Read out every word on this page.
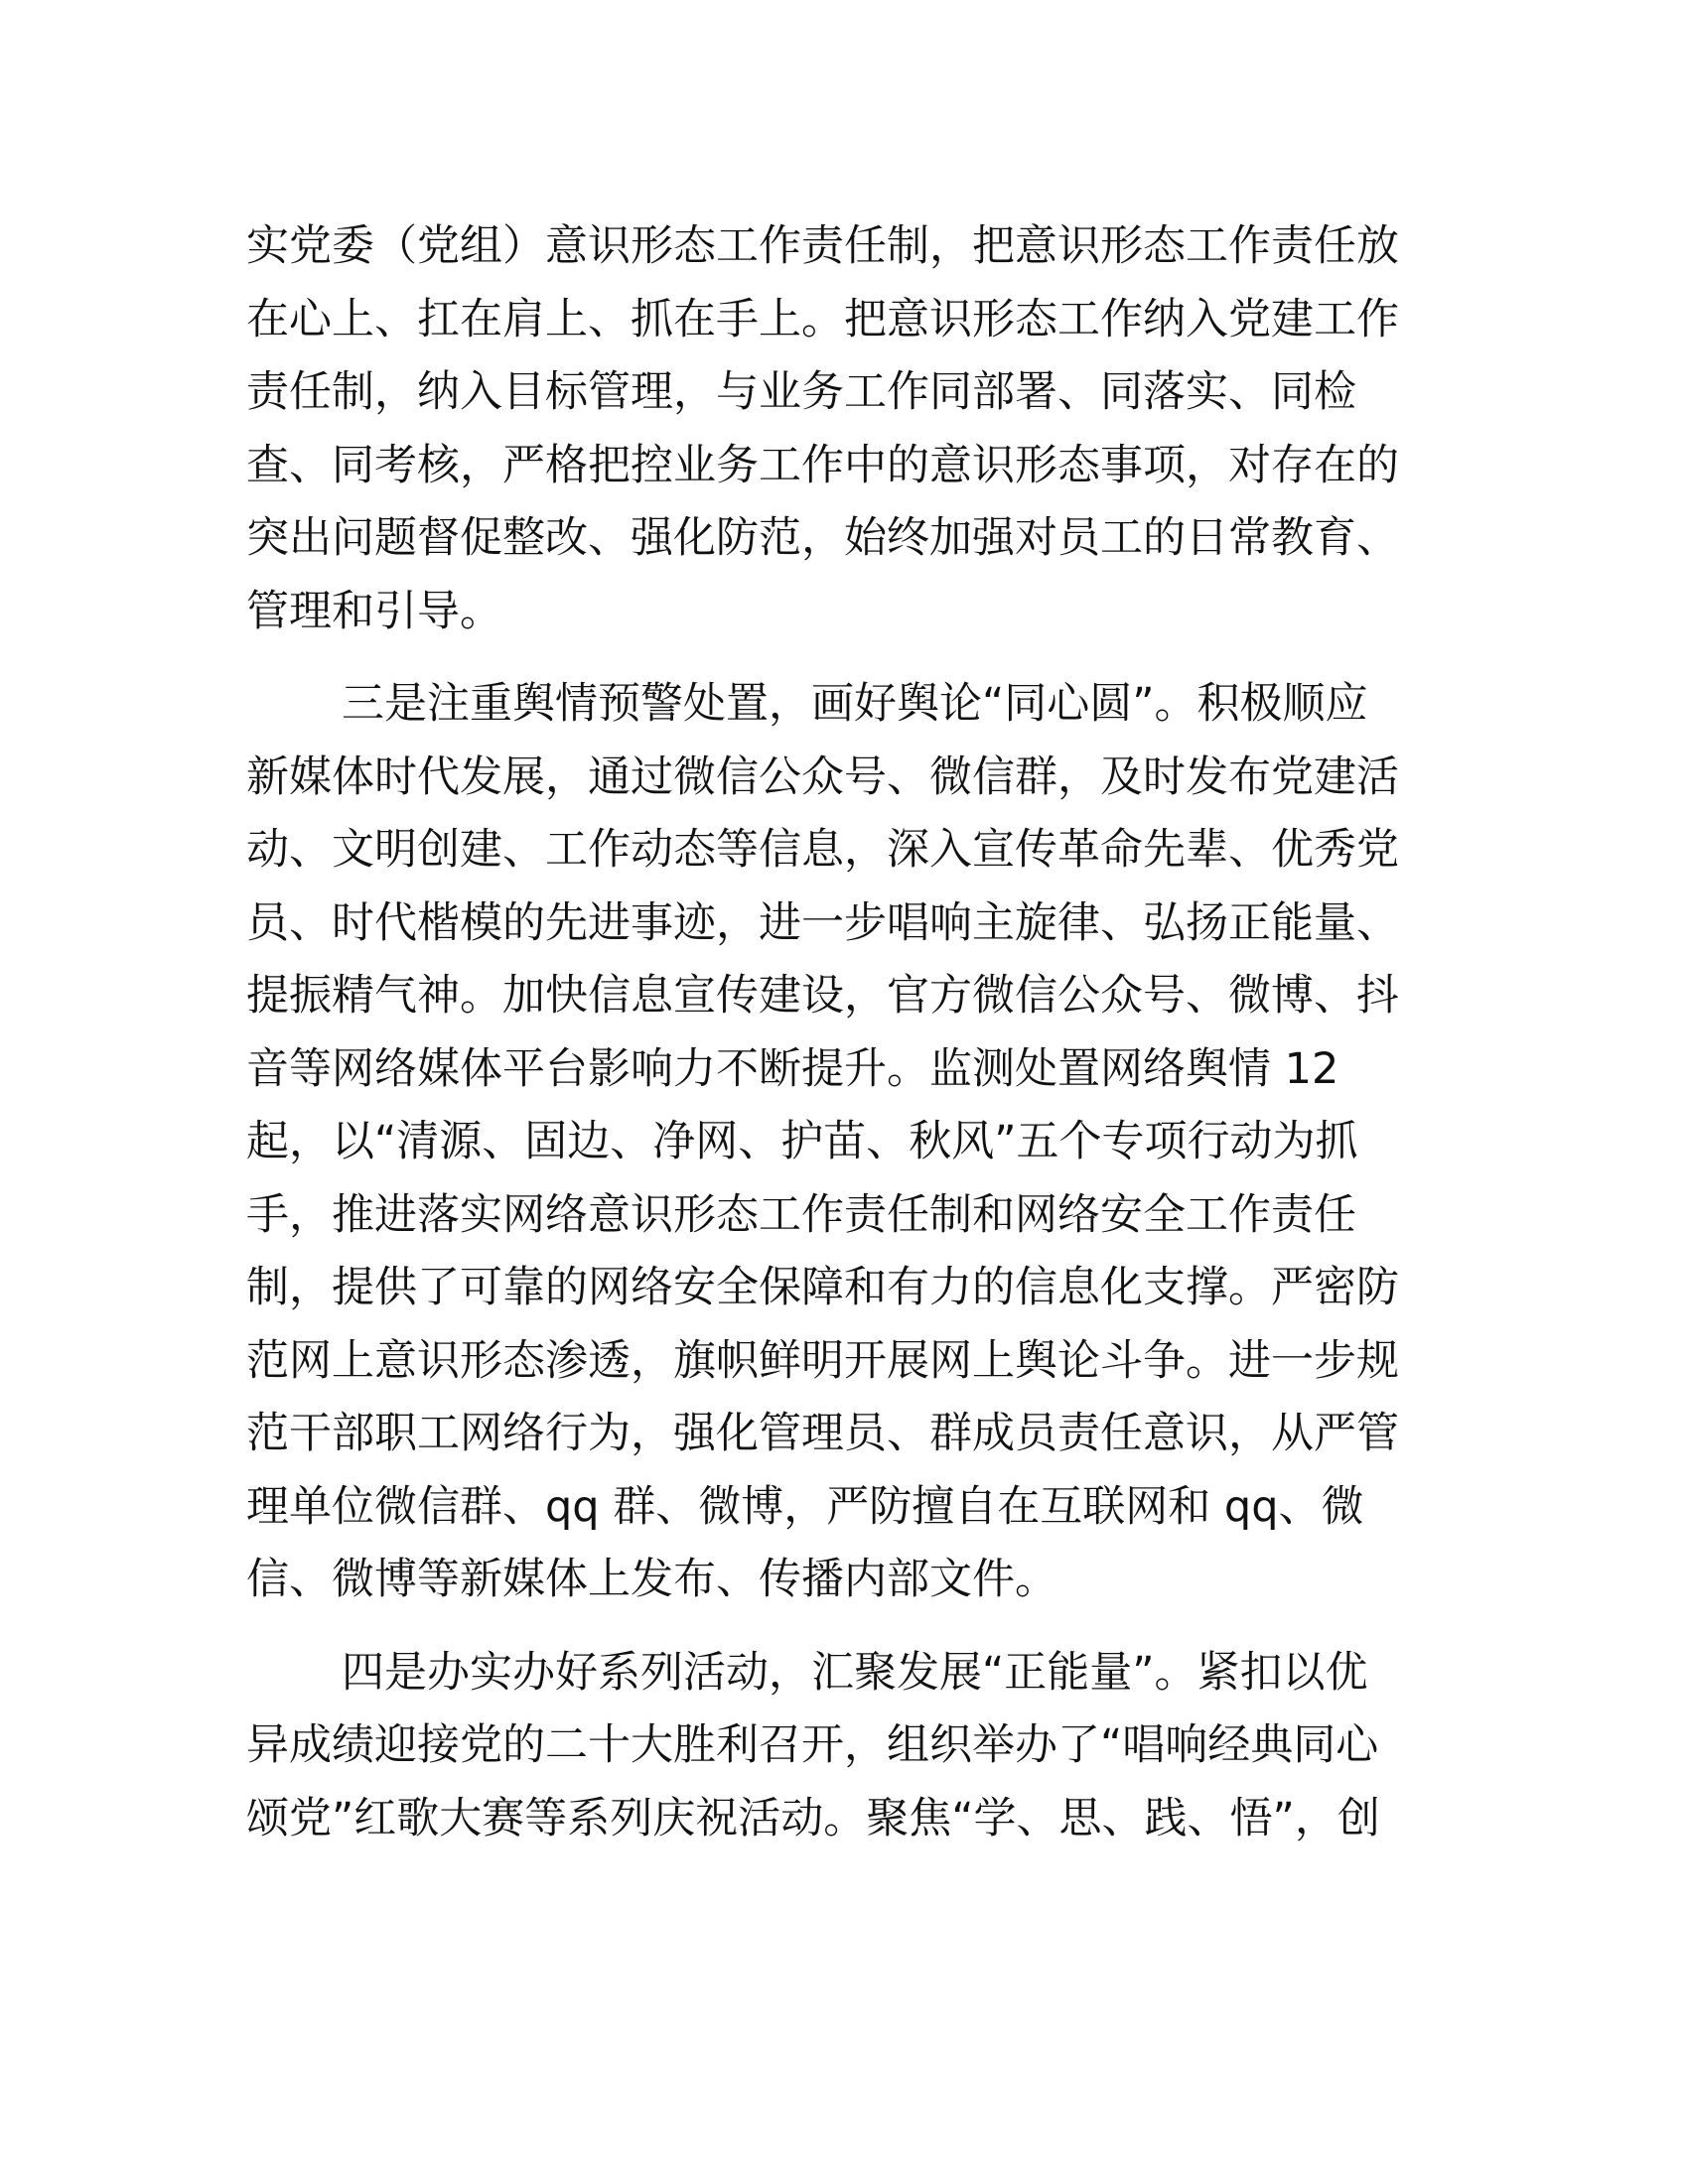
实党委（党组）意识形态工作责任制，把意识形态工作责任放
在心上、扛在肩上、抓在手上。把意识形态工作纳入党建工作
责任制，纳入目标管理，与业务工作同部署、同落实、同检
查、同考核，严格把控业务工作中的意识形态事项，对存在的
突出问题督促整改、强化防范，始终加强对员工的日常教育、
管理和引导。

三是注重舆情预警处置，画好舆论“同心圆”。积极顺应
新媒体时代发展，通过微信公众号、微信群，及时发布党建活
动、文明创建、工作动态等信息，深入宣传革命先辈、优秀党
员、时代楷模的先进事迹，进一步唱响主旋律、弘扬正能量、
提振精气神。加快信息宣传建设，官方微信公众号、微博、抖
音等网络媒体平台影响力不断提升。监测处置网络舆情 12
起，以“清源、固边、净网、护苗、秋风”五个专项行动为抓
手，推进落实网络意识形态工作责任制和网络安全工作责任
制，提供了可靠的网络安全保障和有力的信息化支撑。严密防
范网上意识形态渗透，旗帜鲜明开展网上舆论斗争。进一步规
范干部职工网络行为，强化管理员、群成员责任意识，从严管
理单位微信群、qq 群、微博，严防擅自在互联网和 qq、微
信、微博等新媒体上发布、传播内部文件。

四是办实办好系列活动，汇聚发展“正能量”。紧扣以优
异成绩迎接党的二十大胜利召开，组织举办了“唱响经典同心
颂党”红歌大赛等系列庆祝活动。聚焦“学、思、践、悟”，创
